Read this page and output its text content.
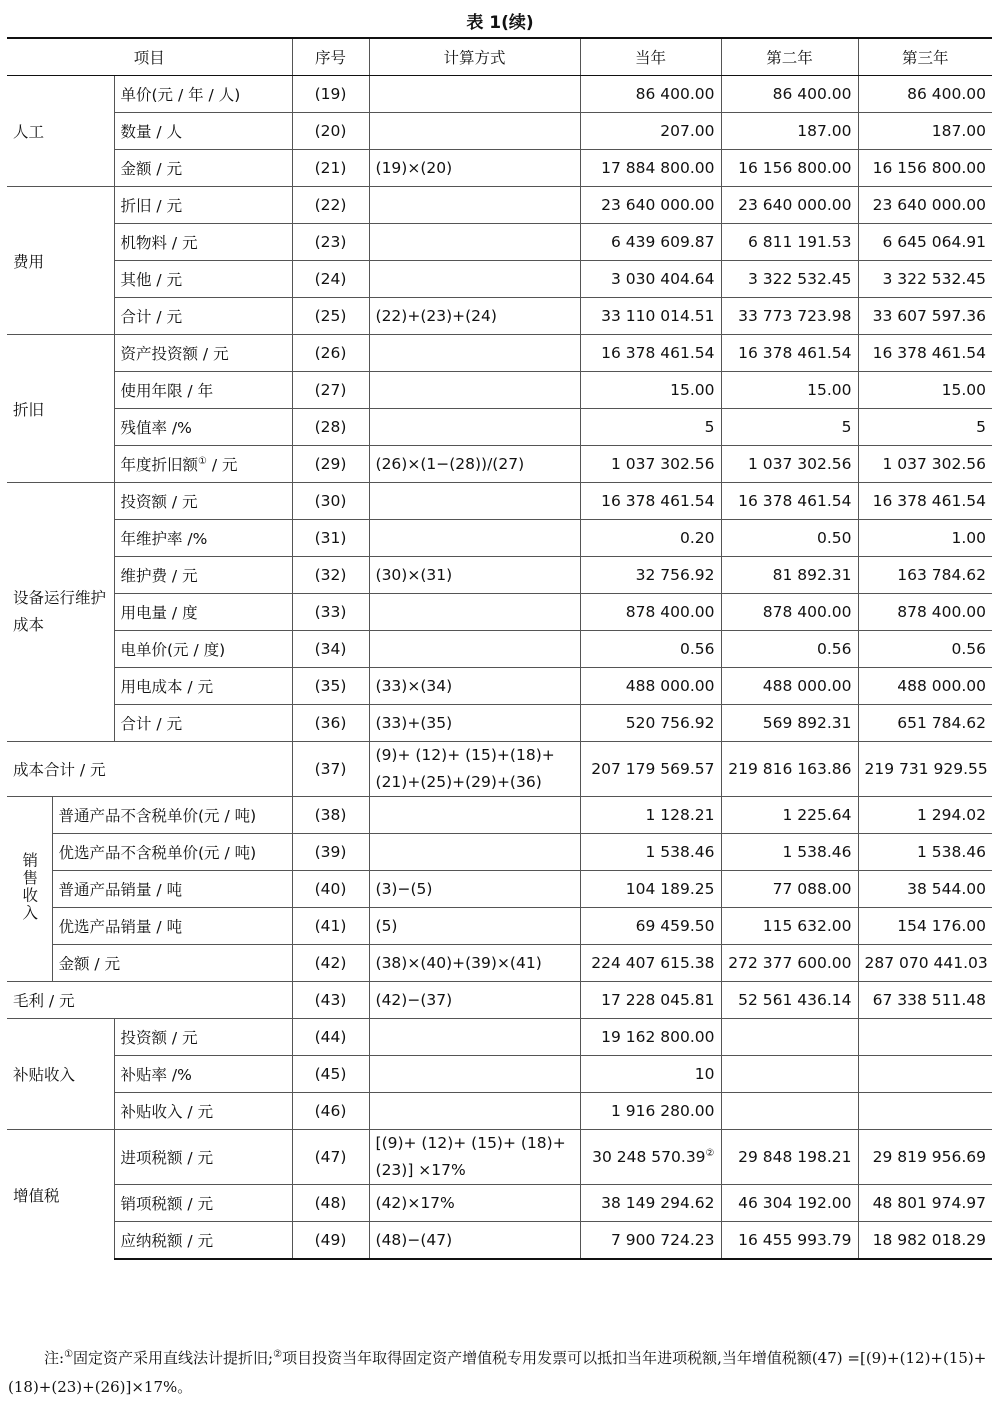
表 1(续)
项目			序号	计算方式	当年	第二年	第三年
人工		单价(元 / 年 / 人)	(19)		86 400.00	86 400.00	86 400.00
		数量 / 人	(20)		207.00	187.00	187.00
		金额 / 元	(21)	(19)×(20)	17 884 800.00	16 156 800.00	16 156 800.00
费用		折旧 / 元	(22)		23 640 000.00	23 640 000.00	23 640 000.00
		机物料 / 元	(23)		6 439 609.87	6 811 191.53	6 645 064.91
		其他 / 元	(24)		3 030 404.64	3 322 532.45	3 322 532.45
		合计 / 元	(25)	(22)+(23)+(24)	33 110 014.51	33 773 723.98	33 607 597.36
折旧		资产投资额 / 元	(26)		16 378 461.54	16 378 461.54	16 378 461.54
		使用年限 / 年	(27)		15.00	15.00	15.00
		残值率 /%	(28)		5	5	5
		年度折旧额① / 元	(29)	(26)×(1−(28))/(27)	1 037 302.56	1 037 302.56	1 037 302.56
设备运行维护成本		投资额 / 元	(30)		16 378 461.54	16 378 461.54	16 378 461.54
		年维护率 /%	(31)		0.20	0.50	1.00
		维护费 / 元	(32)	(30)×(31)	32 756.92	81 892.31	163 784.62
		用电量 / 度	(33)		878 400.00	878 400.00	878 400.00
		电单价(元 / 度)	(34)		0.56	0.56	0.56
		用电成本 / 元	(35)	(33)×(34)	488 000.00	488 000.00	488 000.00
		合计 / 元	(36)	(33)+(35)	520 756.92	569 892.31	651 784.62
成本合计 / 元			(37)	(9)+ (12)+ (15)+(18)+ (21)+(25)+(29)+(36)	207 179 569.57	219 816 163.86	219 731 929.55
销售收入	普通产品不含税单价(元 / 吨)		(38)		1 128.21	1 225.64	1 294.02
	优选产品不含税单价(元 / 吨)		(39)		1 538.46	1 538.46	1 538.46
	普通产品销量 / 吨		(40)	(3)−(5)	104 189.25	77 088.00	38 544.00
	优选产品销量 / 吨		(41)	(5)	69 459.50	115 632.00	154 176.00
	金额 / 元		(42)	(38)×(40)+(39)×(41)	224 407 615.38	272 377 600.00	287 070 441.03
毛利 / 元			(43)	(42)−(37)	17 228 045.81	52 561 436.14	67 338 511.48
补贴收入		投资额 / 元	(44)		19 162 800.00		
		补贴率 /%	(45)		10		
		补贴收入 / 元	(46)		1 916 280.00		
增值税		进项税额 / 元	(47)	[(9)+ (12)+ (15)+ (18)+ (23)] ×17%	30 248 570.39②	29 848 198.21	29 819 956.69
		销项税额 / 元	(48)	(42)×17%	38 149 294.62	46 304 192.00	48 801 974.97
		应纳税额 / 元	(49)	(48)−(47)	7 900 724.23	16 455 993.79	18 982 018.29
注:①固定资产采用直线法计提折旧;②项目投资当年取得固定资产增值税专用发票可以抵扣当年进项税额,当年增值税额(47) =[(9)+(12)+(15)+(18)+(23)+(26)]×17%。
